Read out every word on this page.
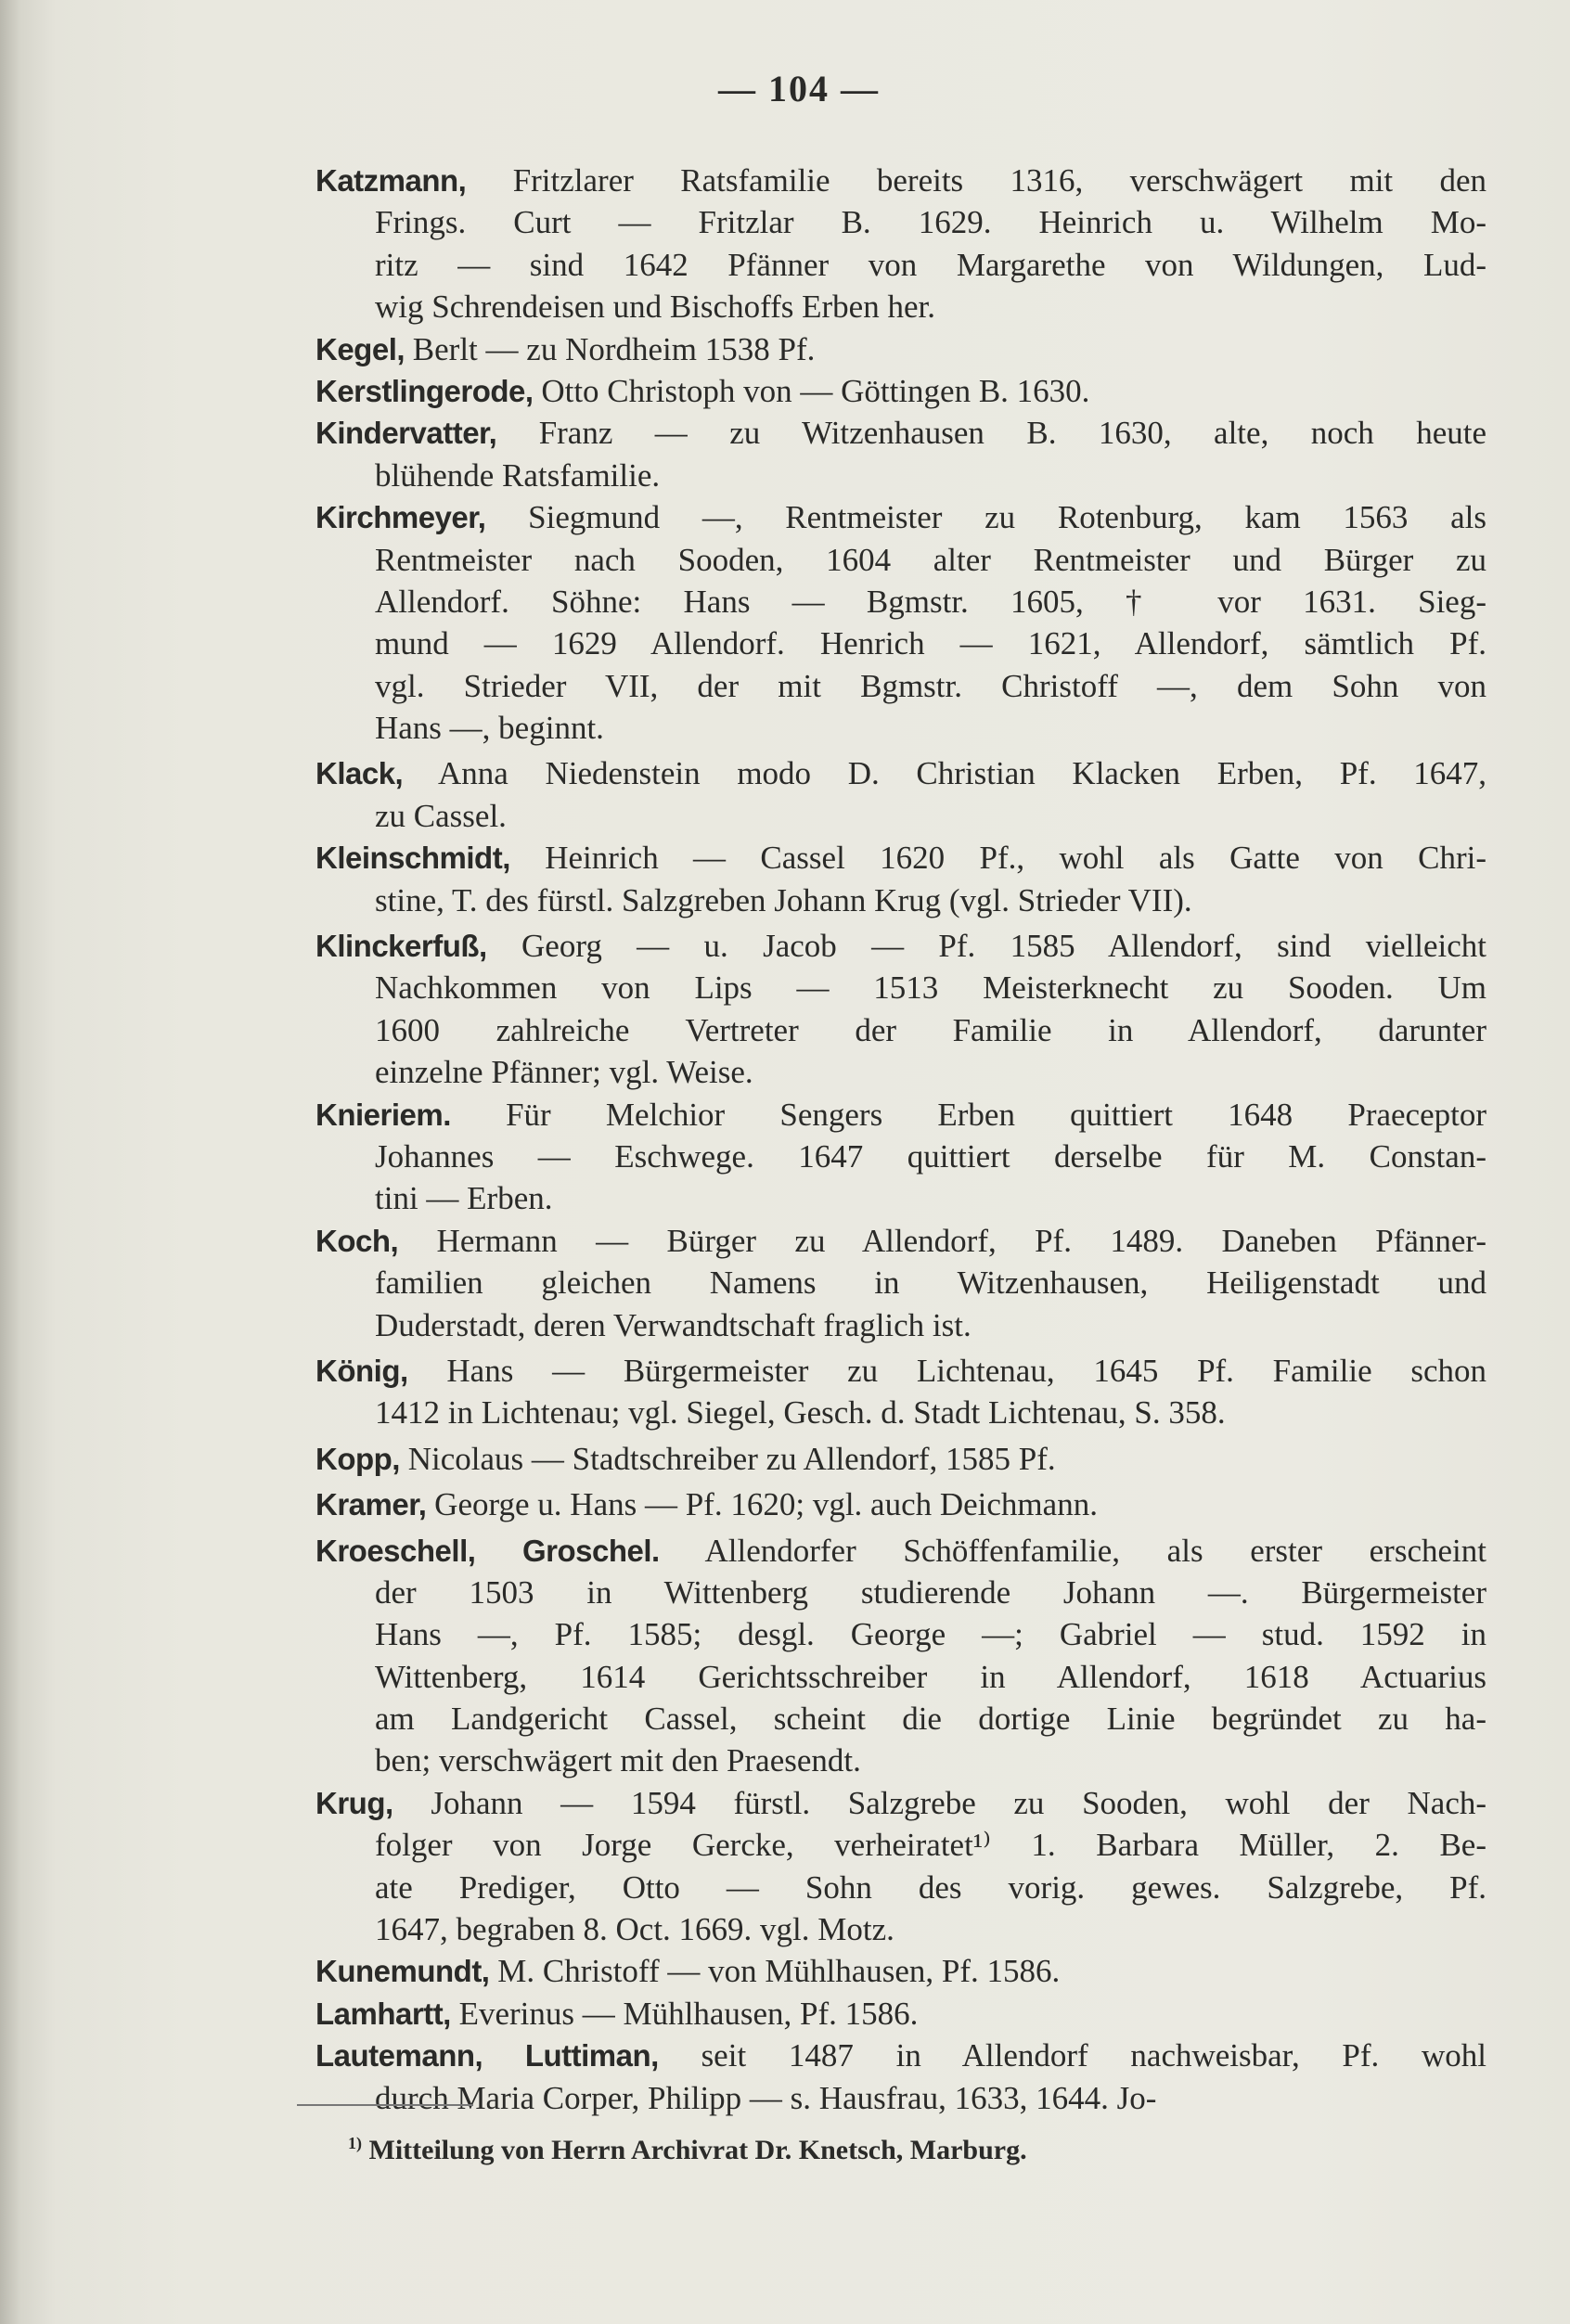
— 104 —
Katzmann, Fritzlarer Ratsfamilie bereits 1316, verschwägert mit den
Frings. Curt — Fritzlar B. 1629. Heinrich u. Wilhelm Mo-
ritz — sind 1642 Pfänner von Margarethe von Wildungen, Lud-
wig Schrendeisen und Bischoffs Erben her.
Kegel, Berlt — zu Nordheim 1538 Pf.
Kerstlingerode, Otto Christoph von — Göttingen B. 1630.
Kindervatter, Franz — zu Witzenhausen B. 1630, alte, noch heute
blühende Ratsfamilie.
Kirchmeyer, Siegmund —, Rentmeister zu Rotenburg, kam 1563 als
Rentmeister nach Sooden, 1604 alter Rentmeister und Bürger zu
Allendorf. Söhne: Hans — Bgmstr. 1605, † vor 1631. Sieg-
mund — 1629 Allendorf. Henrich — 1621, Allendorf, sämtlich Pf.
vgl. Strieder VII, der mit Bgmstr. Christoff —, dem Sohn von
Hans —, beginnt.
Klack, Anna Niedenstein modo D. Christian Klacken Erben, Pf. 1647,
zu Cassel.
Kleinschmidt, Heinrich — Cassel 1620 Pf., wohl als Gatte von Chri-
stine, T. des fürstl. Salzgreben Johann Krug (vgl. Strieder VII).
Klinckerfuß, Georg — u. Jacob — Pf. 1585 Allendorf, sind vielleicht
Nachkommen von Lips — 1513 Meisterknecht zu Sooden. Um
1600 zahlreiche Vertreter der Familie in Allendorf, darunter
einzelne Pfänner; vgl. Weise.
Knieriem. Für Melchior Sengers Erben quittiert 1648 Praeceptor
Johannes — Eschwege. 1647 quittiert derselbe für M. Constan-
tini — Erben.
Koch, Hermann — Bürger zu Allendorf, Pf. 1489. Daneben Pfänner-
familien gleichen Namens in Witzenhausen, Heiligenstadt und
Duderstadt, deren Verwandtschaft fraglich ist.
König, Hans — Bürgermeister zu Lichtenau, 1645 Pf. Familie schon
1412 in Lichtenau; vgl. Siegel, Gesch. d. Stadt Lichtenau, S. 358.
Kopp, Nicolaus — Stadtschreiber zu Allendorf, 1585 Pf.
Kramer, George u. Hans — Pf. 1620; vgl. auch Deichmann.
Kroeschell, Groschel. Allendorfer Schöffenfamilie, als erster erscheint
der 1503 in Wittenberg studierende Johann —. Bürgermeister
Hans —, Pf. 1585; desgl. George —; Gabriel — stud. 1592 in
Wittenberg, 1614 Gerichtsschreiber in Allendorf, 1618 Actuarius
am Landgericht Cassel, scheint die dortige Linie begründet zu ha-
ben; verschwägert mit den Praesendt.
Krug, Johann — 1594 fürstl. Salzgrebe zu Sooden, wohl der Nach-
folger von Jorge Gercke, verheiratet¹⁾ 1. Barbara Müller, 2. Be-
ate Prediger, Otto — Sohn des vorig. gewes. Salzgrebe, Pf.
1647, begraben 8. Oct. 1669. vgl. Motz.
Kunemundt, M. Christoff — von Mühlhausen, Pf. 1586.
Lamhartt, Everinus — Mühlhausen, Pf. 1586.
Lautemann, Luttiman, seit 1487 in Allendorf nachweisbar, Pf. wohl
durch Maria Corper, Philipp — s. Hausfrau, 1633, 1644. Jo-
$^{1)}$ Mitteilung von Herrn Archivrat Dr. Knetsch, Marburg.
